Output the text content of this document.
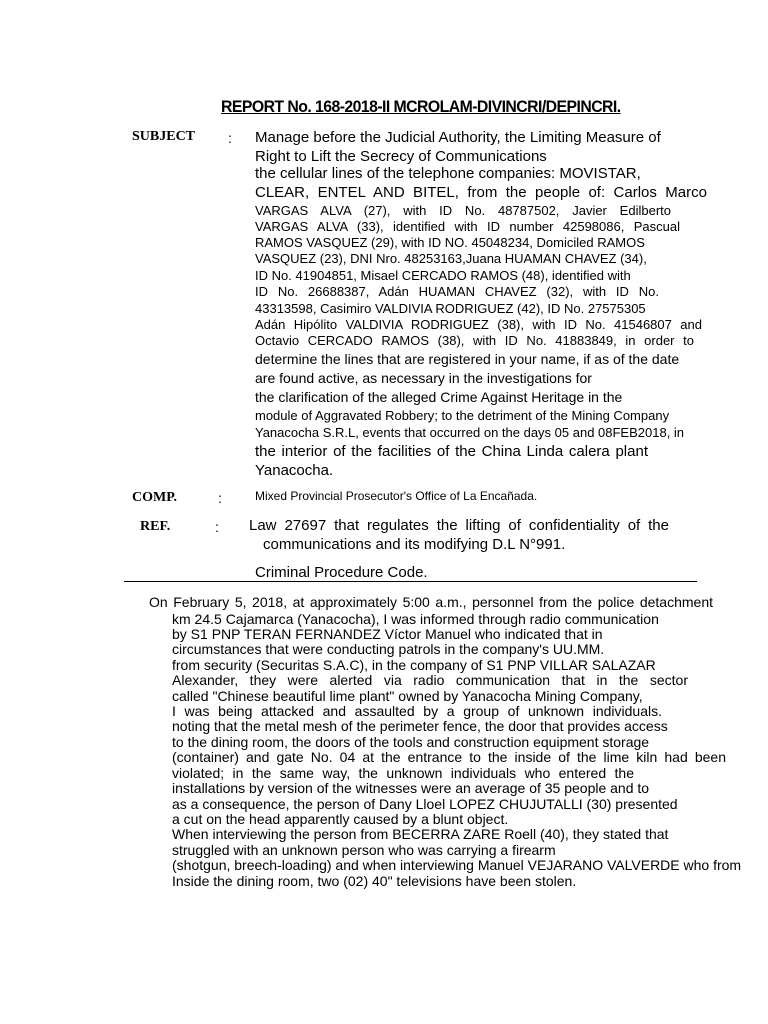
REPORT No. 168-2018-II MCROLAM-DIVINCRI/DEPINCRI.
SUBJECT : Manage before the Judicial Authority, the Limiting Measure of
Right to Lift the Secrecy of Communications
the cellular lines of the telephone companies: MOVISTAR,
CLEAR, ENTEL AND BITEL, from the people of: Carlos Marco
VARGAS ALVA (27), with ID No. 48787502, Javier Edilberto
VARGAS ALVA (33), identified with ID number 42598086, Pascual
RAMOS VASQUEZ (29), with ID NO. 45048234, Domiciled RAMOS
VASQUEZ (23), DNI Nro. 48253163,Juana HUAMAN CHAVEZ (34),
ID No. 41904851, Misael CERCADO RAMOS (48), identified with
ID No. 26688387, Adán HUAMAN CHAVEZ (32), with ID No.
43313598, Casimiro VALDIVIA RODRIGUEZ (42), ID No. 27575305
Adán Hipólito VALDIVIA RODRIGUEZ (38), with ID No. 41546807 and
Octavio CERCADO RAMOS (38), with ID No. 41883849, in order to
determine the lines that are registered in your name, if as of the date
are found active, as necessary in the investigations for
the clarification of the alleged Crime Against Heritage in the
module of Aggravated Robbery; to the detriment of the Mining Company
Yanacocha S.R.L, events that occurred on the days 05 and 08FEB2018, in
the interior of the facilities of the China Linda calera plant
Yanacocha.
COMP.	:	Mixed Provincial Prosecutor's Office of La Encañada.
REF.	: Law 27697 that regulates the lifting of confidentiality of the
communications and its modifying D.L N°991.
Criminal Procedure Code.
On February 5, 2018, at approximately 5:00 a.m., personnel from the police detachment
km 24.5 Cajamarca (Yanacocha), I was informed through radio communication
by S1 PNP TERAN FERNANDEZ Víctor Manuel who indicated that in
circumstances that were conducting patrols in the company's UU.MM.
from security (Securitas S.A.C), in the company of S1 PNP VILLAR SALAZAR
Alexander, they were alerted via radio communication that in the sector
called "Chinese beautiful lime plant" owned by Yanacocha Mining Company,
I was being attacked and assaulted by a group of unknown individuals.
noting that the metal mesh of the perimeter fence, the door that provides access
to the dining room, the doors of the tools and construction equipment storage
(container) and gate No. 04 at the entrance to the inside of the lime kiln had been
violated; in the same way, the unknown individuals who entered the
installations by version of the witnesses were an average of 35 people and to
as a consequence, the person of Dany Lloel LOPEZ CHUJUTALLI (30) presented
a cut on the head apparently caused by a blunt object.
When interviewing the person from BECERRA ZARE Roell (40), they stated that
struggled with an unknown person who was carrying a firearm
(shotgun, breech-loading) and when interviewing Manuel VEJARANO VALVERDE who from
Inside the dining room, two (02) 40" televisions have been stolen.
